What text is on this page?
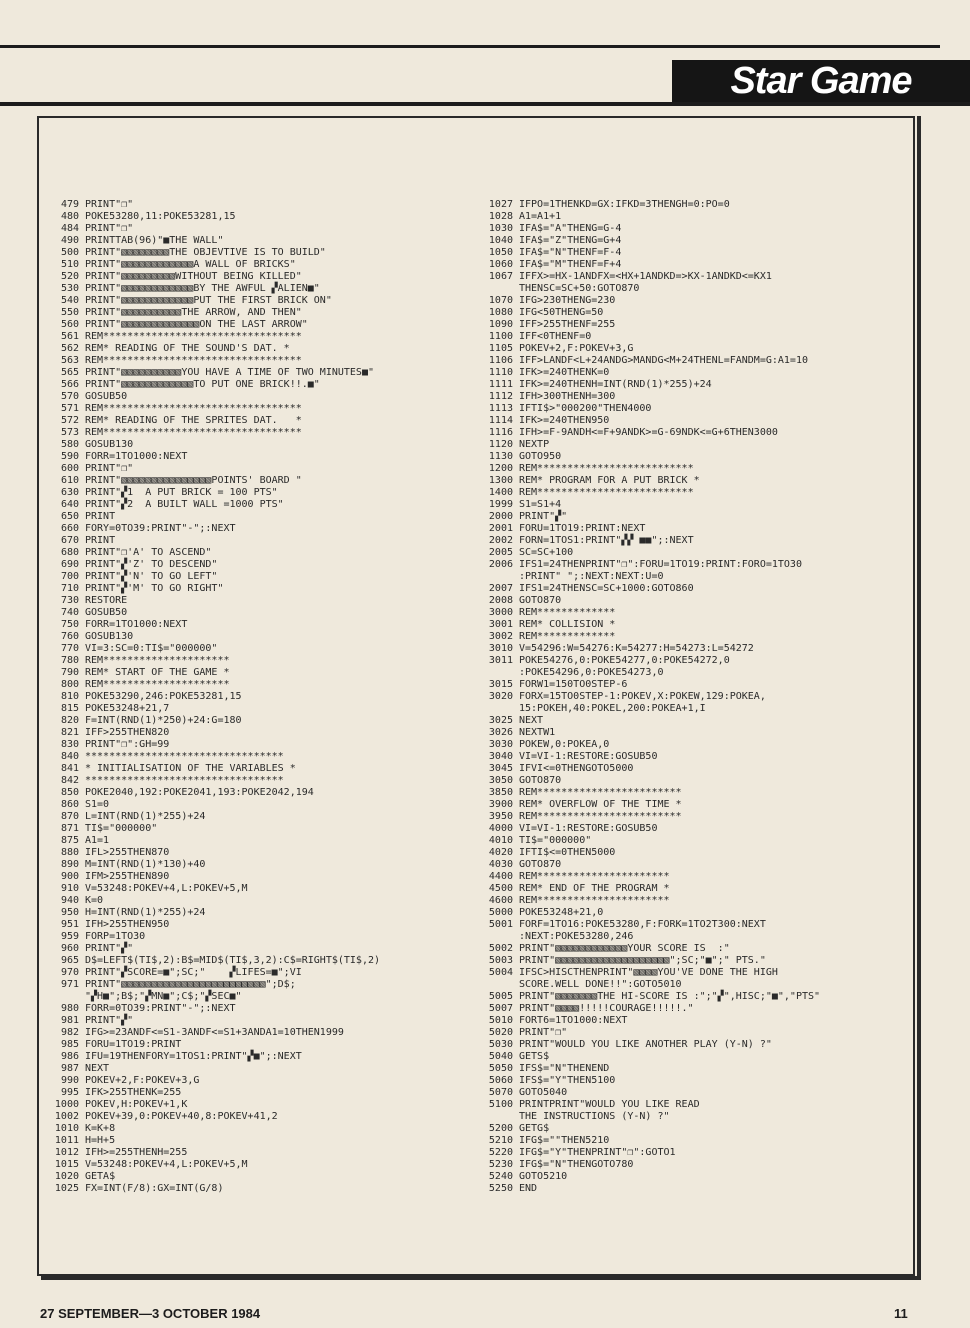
Star Game
479 PRINT"❐"
480 POKE53280,11:POKE53281,15
484 PRINT"❐"
490 PRINTTAB(96)"■THE WALL"
500 PRINT"▧▧▧▧▧▧▧▧THE OBJEVTIVE IS TO BUILD"
510 PRINT"▧▧▧▧▧▧▧▧▧▧▧▧A WALL OF BRICKS"
520 PRINT"▧▧▧▧▧▧▧▧▧WITHOUT BEING KILLED"
530 PRINT"▧▧▧▧▧▧▧▧▧▧▧▧BY THE AWFUL ▞ALIEN■"
540 PRINT"▧▧▧▧▧▧▧▧▧▧▧▧PUT THE FIRST BRICK ON"
550 PRINT"▧▧▧▧▧▧▧▧▧▧THE ARROW, AND THEN"
560 PRINT"▧▧▧▧▧▧▧▧▧▧▧▧▧ON THE LAST ARROW"
561 REM*********************************
562 REM* READING OF THE SOUND'S DAT. *
563 REM*********************************
565 PRINT"▧▧▧▧▧▧▧▧▧▧YOU HAVE A TIME OF TWO MINUTES■"
566 PRINT"▧▧▧▧▧▧▧▧▧▧▧▧TO PUT ONE BRICK!!.■"
570 GOSUB50
571 REM*********************************
572 REM* READING OF THE SPRITES DAT.   *
573 REM*********************************
580 GOSUB130
590 FORR=1TO1000:NEXT
600 PRINT"❐"
610 PRINT"▧▧▧▧▧▧▧▧▧▧▧▧▧▧▧POINTS' BOARD "
630 PRINT"▞1  A PUT BRICK = 100 PTS"
640 PRINT"▞2  A BUILT WALL =1000 PTS"
650 PRINT
660 FORY=0TO39:PRINT"-";:NEXT
670 PRINT
680 PRINT"❐'A' TO ASCEND"
690 PRINT"▞'Z' TO DESCEND"
700 PRINT"▞'N' TO GO LEFT"
710 PRINT"▞'M' TO GO RIGHT"
730 RESTORE
740 GOSUB50
750 FORR=1TO1000:NEXT
760 GOSUB130
770 VI=3:SC=0:TI$="000000"
780 REM*********************
790 REM* START OF THE GAME *
800 REM*********************
810 POKE53290,246:POKE53281,15
815 POKE53248+21,7
820 F=INT(RND(1)*250)+24:G=180
821 IFF>255THEN820
830 PRINT"❐":GH=99
840 *********************************
841 * INITIALISATION OF THE VARIABLES *
842 *********************************
850 POKE2040,192:POKE2041,193:POKE2042,194
860 S1=0
870 L=INT(RND(1)*255)+24
871 TI$="000000"
875 A1=1
880 IFL>255THEN870
890 M=INT(RND(1)*130)+40
900 IFM>255THEN890
910 V=53248:POKEV+4,L:POKEV+5,M
940 K=0
950 H=INT(RND(1)*255)+24
951 IFH>255THEN950
959 FORP=1TO30
960 PRINT"▞"
965 D$=LEFT$(TI$,2):B$=MID$(TI$,3,2):C$=RIGHT$(TI$,2)
970 PRINT"▞SCORE=■";SC;"    ▞LIFES=■";VI
971 PRINT"▧▧▧▧▧▧▧▧▧▧▧▧▧▧▧▧▧▧▧▧▧▧▧▧";D$;
"▞H■";B$;"▞MN■";C$;"▞SEC■"
980 FORR=0TO39:PRINT"-";:NEXT
981 PRINT"▞"
982 IFG>=23ANDF<=S1-3ANDF<=S1+3ANDA1=10THEN1999
985 FORU=1TO19:PRINT
986 IFU=19THENFORY=1TOS1:PRINT"▞■";:NEXT
987 NEXT
990 POKEV+2,F:POKEV+3,G
995 IFK>255THENK=255
1000 POKEV,H:POKEV+1,K
1002 POKEV+39,0:POKEV+40,8:POKEV+41,2
1010 K=K+8
1011 H=H+5
1012 IFH>=255THENH=255
1015 V=53248:POKEV+4,L:POKEV+5,M
1020 GETA$
1025 FX=INT(F/8):GX=INT(G/8)
1027 IFPO=1THENKD=GX:IFKD=3THENGH=0:PO=0
1028 A1=A1+1
1030 IFA$="A"THENG=G-4
1040 IFA$="Z"THENG=G+4
1050 IFA$="N"THENF=F-4
1060 IFA$="M"THENF=F+4
1067 IFFX>=HX-1ANDFX=<HX+1ANDKD=>KX-1ANDKD<=KX1
THENSC=SC+50:GOTO870
1070 IFG>230THENG=230
1080 IFG<50THENG=50
1090 IFF>255THENF=255
1100 IFF<0THENF=0
1105 POKEV+2,F:POKEV+3,G
1106 IFF>LANDF<L+24ANDG>MANDG<M+24THENL=FANDM=G:A1=10
1110 IFK>=240THENK=0
1111 IFK>=240THENH=INT(RND(1)*255)+24
1112 IFH>300THENH=300
1113 IFTI$>"000200"THEN4000
1114 IFK>=240THEN950
1116 IFH>=F-9ANDH<=F+9ANDK>=G-69NDK<=G+6THEN3000
1120 NEXTP
1130 GOTO950
1200 REM**************************
1300 REM* PROGRAM FOR A PUT BRICK *
1400 REM**************************
1999 S1=S1+4
2000 PRINT"▞"
2001 FORU=1TO19:PRINT:NEXT
2002 FORN=1TOS1:PRINT"▞▞ ■■";:NEXT
2005 SC=SC+100
2006 IFS1=24THENPRINT"❐":FORU=1TO19:PRINT:FORO=1TO30
:PRINT" ";:NEXT:NEXT:U=0
2007 IFS1=24THENSC=SC+1000:GOTO860
2008 GOTO870
3000 REM*************
3001 REM* COLLISION *
3002 REM*************
3010 V=54296:W=54276:K=54277:H=54273:L=54272
3011 POKE54276,0:POKE54277,0:POKE54272,0
:POKE54296,0:POKE54273,0
3015 FORW1=150TO0STEP-6
3020 FORX=15TO0STEP-1:POKEV,X:POKEW,129:POKEA,
15:POKEH,40:POKEL,200:POKEA+1,I
3025 NEXT
3026 NEXTW1
3030 POKEW,0:POKEA,0
3040 VI=VI-1:RESTORE:GOSUB50
3045 IFVI<=0THENGOTO5000
3050 GOTO870
3850 REM************************
3900 REM* OVERFLOW OF THE TIME *
3950 REM************************
4000 VI=VI-1:RESTORE:GOSUB50
4010 TI$="000000"
4020 IFTI$<=0THEN5000
4030 GOTO870
4400 REM**********************
4500 REM* END OF THE PROGRAM *
4600 REM**********************
5000 POKE53248+21,0
5001 FORF=1TO16:POKE53280,F:FORK=1TO2T300:NEXT
:NEXT:POKE53280,246
5002 PRINT"▧▧▧▧▧▧▧▧▧▧▧▧YOUR SCORE IS  :"
5003 PRINT"▧▧▧▧▧▧▧▧▧▧▧▧▧▧▧▧▧▧▧";SC;"■";" PTS."
5004 IFSC>HISCTHENPRINT"▧▧▧▧YOU'VE DONE THE HIGH
SCORE.WELL DONE!!":GOTO5010
5005 PRINT"▧▧▧▧▧▧▧THE HI-SCORE IS :";"▞",HISC;"■","PTS"
5007 PRINT"▧▧▧▧!!!!!COURAGE!!!!!."
5010 FORT6=1TO1000:NEXT
5020 PRINT"❐"
5030 PRINT"WOULD YOU LIKE ANOTHER PLAY (Y-N) ?"
5040 GETS$
5050 IFS$="N"THENEND
5060 IFS$="Y"THEN5100
5070 GOTO5040
5100 PRINTPRINT"WOULD YOU LIKE READ
THE INSTRUCTIONS (Y-N) ?"
5200 GETG$
5210 IFG$=""THEN5210
5220 IFG$="Y"THENPRINT"❐":GOTO1
5230 IFG$="N"THENGOTO780
5240 GOTO5210
5250 END
27 SEPTEMBER—3 OCTOBER 1984	11
